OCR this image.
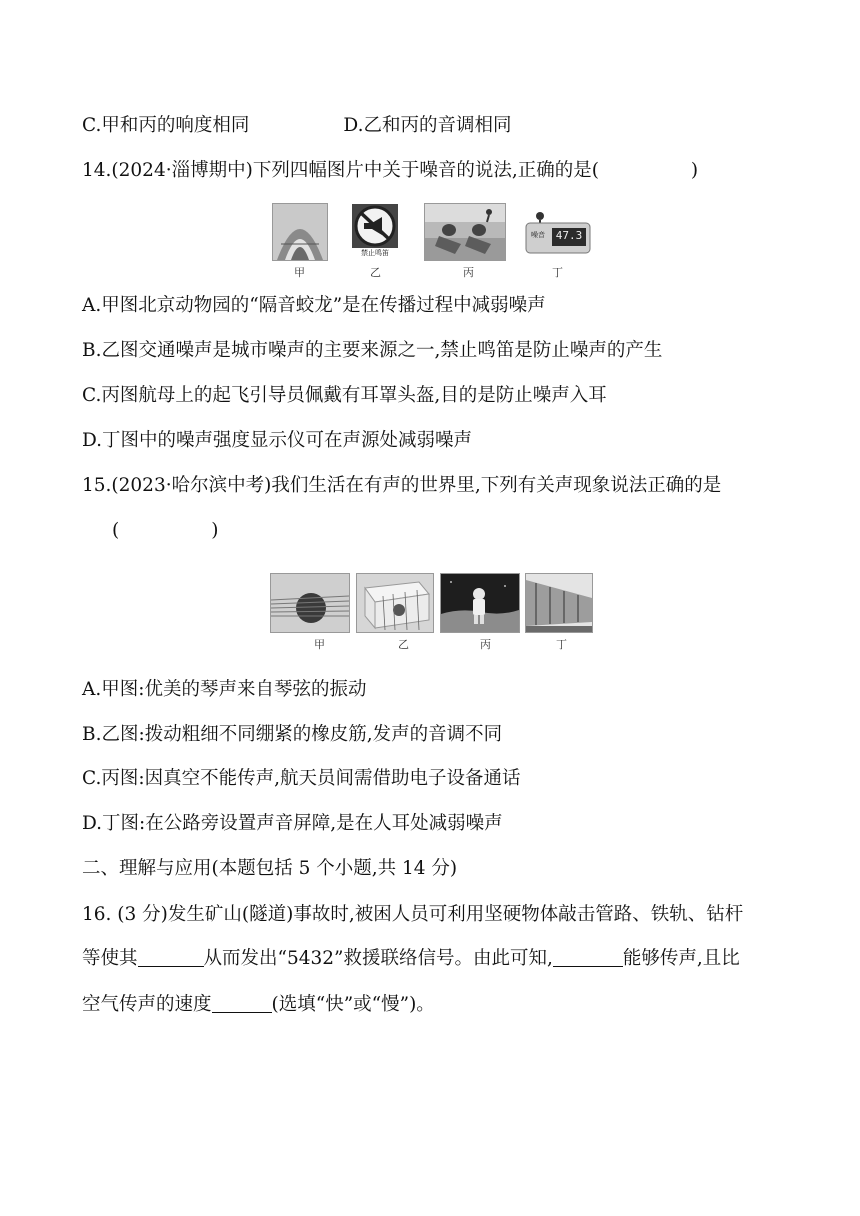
C.甲和丙的响度相同	D.乙和丙的音调相同
14.(2024·淄博期中)下列四幅图片中关于噪音的说法,正确的是(	)
禁止鸣笛
噪音 47.3
甲	乙	丙	丁
A.甲图北京动物园的“隔音蛟龙”是在传播过程中减弱噪声
B.乙图交通噪声是城市噪声的主要来源之一,禁止鸣笛是防止噪声的产生
C.丙图航母上的起飞引导员佩戴有耳罩头盔,目的是防止噪声入耳
D.丁图中的噪声强度显示仪可在声源处减弱噪声
15.(2023·哈尔滨中考)我们生活在有声的世界里,下列有关声现象说法正确的是
(	)
甲	乙	丙	丁
A.甲图:优美的琴声来自琴弦的振动
B.乙图:拨动粗细不同绷紧的橡皮筋,发声的音调不同
C.丙图:因真空不能传声,航天员间需借助电子设备通话
D.丁图:在公路旁设置声音屏障,是在人耳处减弱噪声
二、理解与应用(本题包括 5 个小题,共 14 分)
16. (3 分)发生矿山(隧道)事故时,被困人员可利用坚硬物体敲击管路、铁轨、钻杆
等使其	从而发出“5432”救援联络信号。由此可知,	能够传声,且比
空气传声的速度	(选填“快”或“慢”)。
